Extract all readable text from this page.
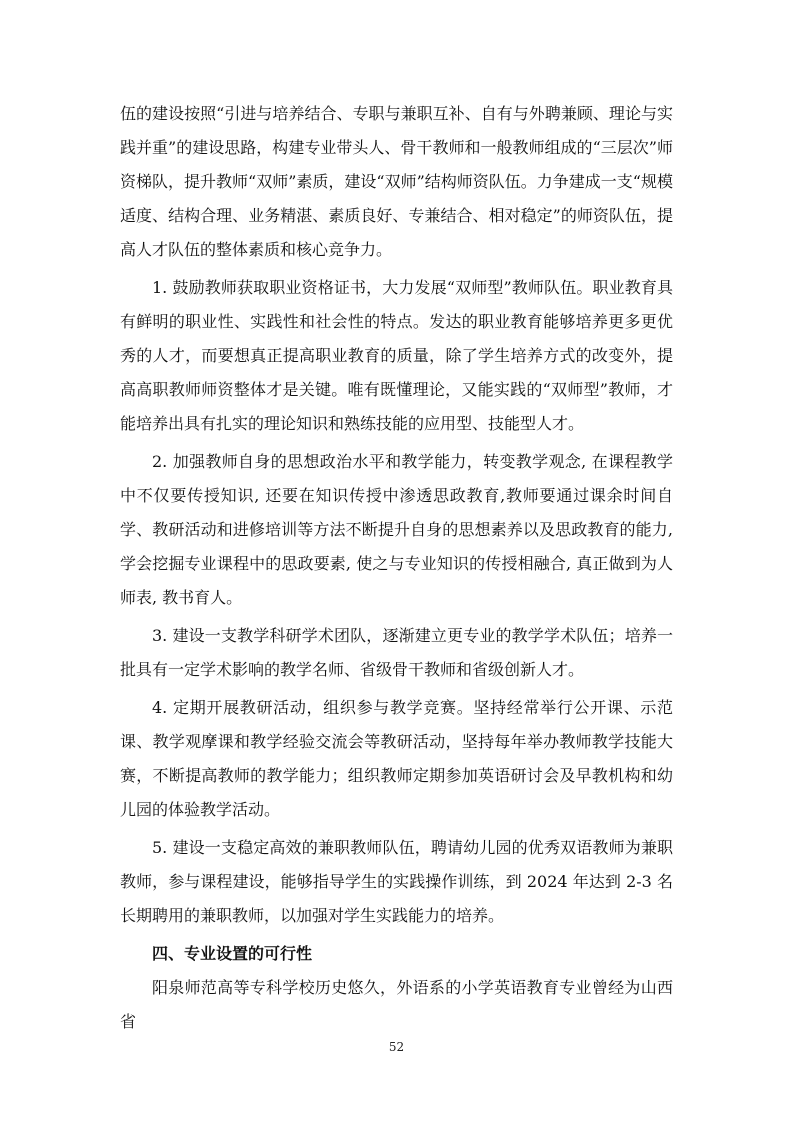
伍的建设按照“引进与培养结合、专职与兼职互补、自有与外聘兼顾、理论与实践并重”的建设思路，构建专业带头人、骨干教师和一般教师组成的“三层次”师资梯队，提升教师“双师”素质，建设“双师”结构师资队伍。力争建成一支“规模适度、结构合理、业务精湛、素质良好、专兼结合、相对稳定”的师资队伍，提高人才队伍的整体素质和核心竞争力。

1. 鼓励教师获取职业资格证书，大力发展“双师型”教师队伍。职业教育具有鲜明的职业性、实践性和社会性的特点。发达的职业教育能够培养更多更优秀的人才，而要想真正提高职业教育的质量，除了学生培养方式的改变外，提高高职教师师资整体才是关键。唯有既懂理论，又能实践的“双师型”教师，才能培养出具有扎实的理论知识和熟练技能的应用型、技能型人才。

2. 加强教师自身的思想政治水平和教学能力，转变教学观念, 在课程教学中不仅要传授知识, 还要在知识传授中渗透思政教育,教师要通过课余时间自学、教研活动和进修培训等方法不断提升自身的思想素养以及思政教育的能力, 学会挖掘专业课程中的思政要素, 使之与专业知识的传授相融合, 真正做到为人师表, 教书育人。

3. 建设一支教学科研学术团队，逐渐建立更专业的教学学术队伍；培养一批具有一定学术影响的教学名师、省级骨干教师和省级创新人才。

4. 定期开展教研活动，组织参与教学竞赛。坚持经常举行公开课、示范课、教学观摩课和教学经验交流会等教研活动，坚持每年举办教师教学技能大赛，不断提高教师的教学能力；组织教师定期参加英语研讨会及早教机构和幼儿园的体验教学活动。

5. 建设一支稳定高效的兼职教师队伍，聘请幼儿园的优秀双语教师为兼职教师，参与课程建设，能够指导学生的实践操作训练，到 2024 年达到 2-3 名长期聘用的兼职教师，以加强对学生实践能力的培养。

四、专业设置的可行性

阳泉师范高等专科学校历史悠久，外语系的小学英语教育专业曾经为山西省

52
